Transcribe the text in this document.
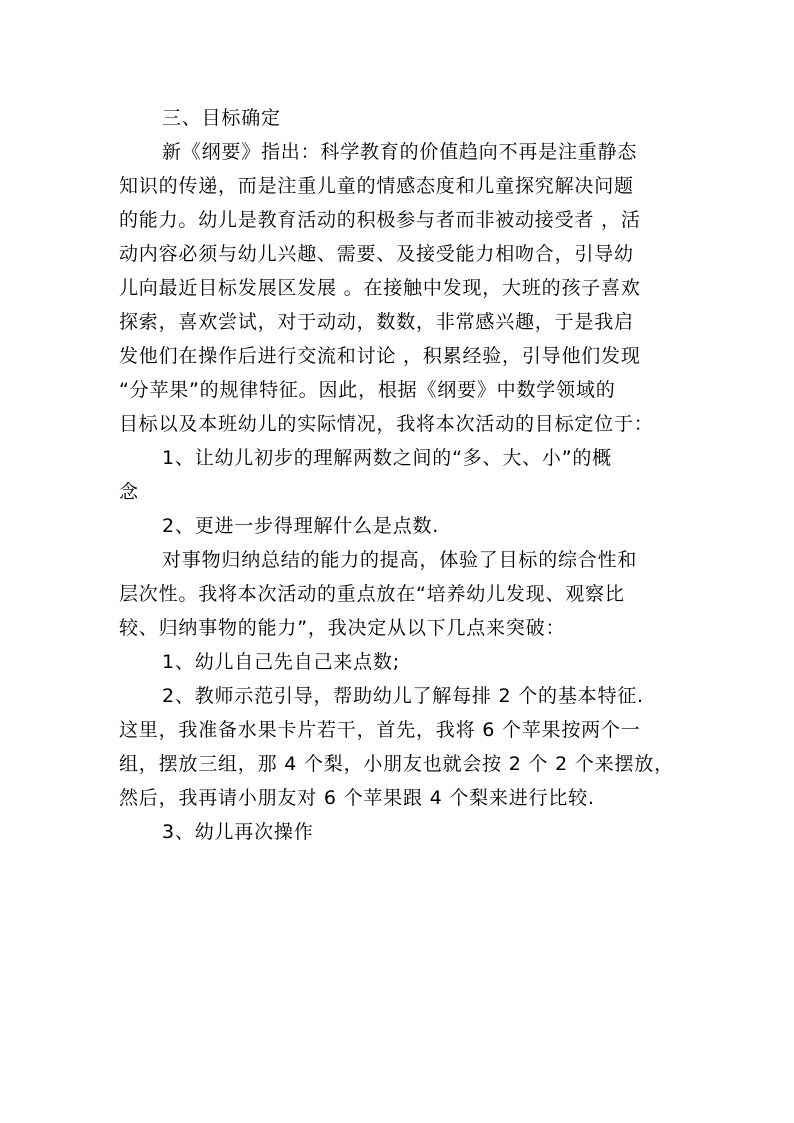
三、目标确定

新《纲要》指出：科学教育的价值趋向不再是注重静态

知识的传递，而是注重儿童的情感态度和儿童探究解决问题

的能力。幼儿是教育活动的积极参与者而非被动接受者 ，活

动内容必须与幼儿兴趣、需要、及接受能力相吻合，引导幼

儿向最近目标发展区发展 。在接触中发现，大班的孩子喜欢

探索，喜欢尝试，对于动动，数数，非常感兴趣，于是我启

发他们在操作后进行交流和讨论 ，积累经验，引导他们发现

“分苹果”的规律特征。因此，根据《纲要》中数学领域的

目标以及本班幼儿的实际情况，我将本次活动的目标定位于：

1、让幼儿初步的理解两数之间的“多、大、小”的概

念

2、更进一步得理解什么是点数.

对事物归纳总结的能力的提高，体验了目标的综合性和

层次性。我将本次活动的重点放在“培养幼儿发现、观察比

较、归纳事物的能力”，我决定从以下几点来突破：

1、幼儿自己先自己来点数;

2、教师示范引导，帮助幼儿了解每排 2 个的基本特征.

这里，我准备水果卡片若干，首先，我将 6 个苹果按两个一

组，摆放三组，那 4 个梨，小朋友也就会按 2 个 2 个来摆放，

然后，我再请小朋友对 6 个苹果跟 4 个梨来进行比较.

3、幼儿再次操作
